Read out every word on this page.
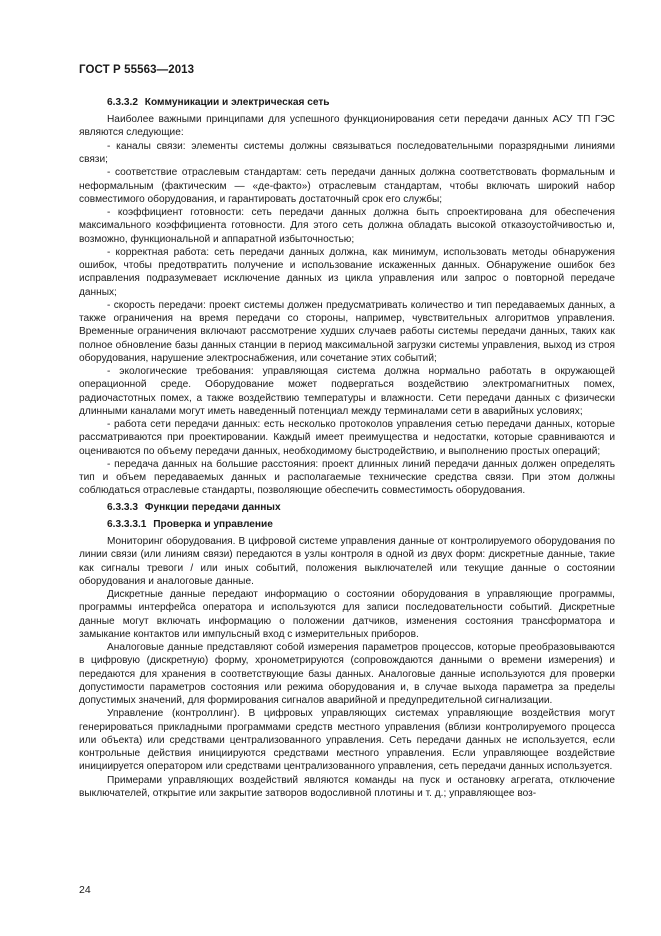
ГОСТ Р 55563—2013
6.3.3.2 Коммуникации и электрическая сеть
Наиболее важными принципами для успешного функционирования сети передачи данных АСУ ТП ГЭС являются следующие:
- каналы связи: элементы системы должны связываться последовательными поразрядными линиями связи;
- соответствие отраслевым стандартам: сеть передачи данных должна соответствовать формальным и неформальным (фактическим — «де-факто») отраслевым стандартам, чтобы включать широкий набор совместимого оборудования, и гарантировать достаточный срок его службы;
- коэффициент готовности: сеть передачи данных должна быть спроектирована для обеспечения максимального коэффициента готовности. Для этого сеть должна обладать высокой отказоустойчивостью и, возможно, функциональной и аппаратной избыточностью;
- корректная работа: сеть передачи данных должна, как минимум, использовать методы обнаружения ошибок, чтобы предотвратить получение и использование искаженных данных. Обнаружение ошибок без исправления подразумевает исключение данных из цикла управления или запрос о повторной передаче данных;
- скорость передачи: проект системы должен предусматривать количество и тип передаваемых данных, а также ограничения на время передачи со стороны, например, чувствительных алгоритмов управления. Временные ограничения включают рассмотрение худших случаев работы системы передачи данных, таких как полное обновление базы данных станции в период максимальной загрузки системы управления, выход из строя оборудования, нарушение электроснабжения, или сочетание этих событий;
- экологические требования: управляющая система должна нормально работать в окружающей операционной среде. Оборудование может подвергаться воздействию электромагнитных помех, радиочастотных помех, а также воздействию температуры и влажности. Сети передачи данных с физически длинными каналами могут иметь наведенный потенциал между терминалами сети в аварийных условиях;
- работа сети передачи данных: есть несколько протоколов управления сетью передачи данных, которые рассматриваются при проектировании. Каждый имеет преимущества и недостатки, которые сравниваются и оцениваются по объему передачи данных, необходимому быстродействию, и выполнению простых операций;
- передача данных на большие расстояния: проект длинных линий передачи данных должен определять тип и объем передаваемых данных и располагаемые технические средства связи. При этом должны соблюдаться отраслевые стандарты, позволяющие обеспечить совместимость оборудования.
6.3.3.3 Функции передачи данных
6.3.3.3.1 Проверка и управление
Мониторинг оборудования. В цифровой системе управления данные от контролируемого оборудования по линии связи (или линиям связи) передаются в узлы контроля в одной из двух форм: дискретные данные, такие как сигналы тревоги / или иных событий, положения выключателей или текущие данные о состоянии оборудования и аналоговые данные.
Дискретные данные передают информацию о состоянии оборудования в управляющие программы, программы интерфейса оператора и используются для записи последовательности событий. Дискретные данные могут включать информацию о положении датчиков, изменения состояния трансформатора и замыкание контактов или импульсный вход с измерительных приборов.
Аналоговые данные представляют собой измерения параметров процессов, которые преобразовываются в цифровую (дискретную) форму, хронометрируются (сопровождаются данными о времени измерения) и передаются для хранения в соответствующие базы данных. Аналоговые данные используются для проверки допустимости параметров состояния или режима оборудования и, в случае выхода параметра за пределы допустимых значений, для формирования сигналов аварийной и предупредительной сигнализации.
Управление (контроллинг). В цифровых управляющих системах управляющие воздействия могут генерироваться прикладными программами средств местного управления (вблизи контролируемого процесса или объекта) или средствами централизованного управления. Сеть передачи данных не используется, если контрольные действия инициируются средствами местного управления. Если управляющее воздействие инициируется оператором или средствами централизованного управления, сеть передачи данных используется.
Примерами управляющих воздействий являются команды на пуск и остановку агрегата, отключение выключателей, открытие или закрытие затворов водосливной плотины и т. д.; управляющее воз-
24
